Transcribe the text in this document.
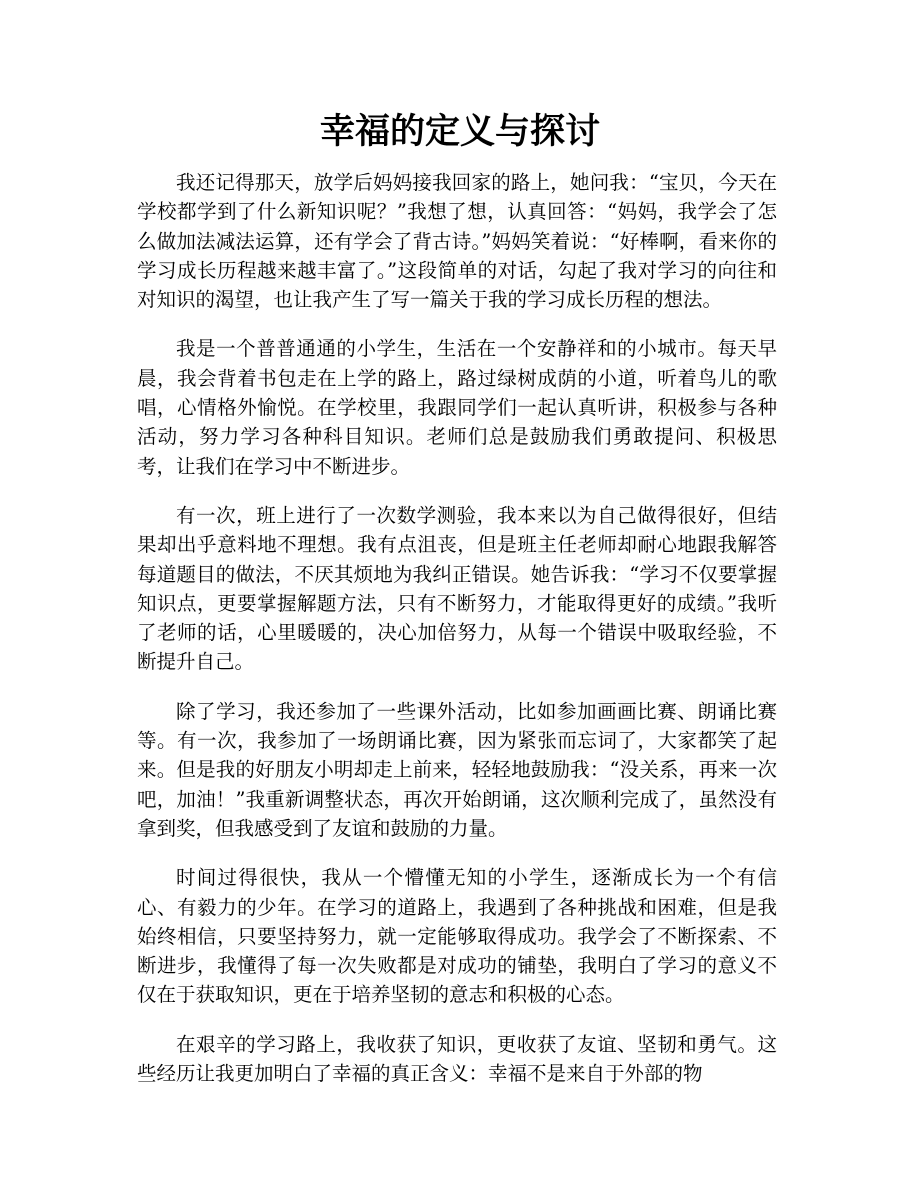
幸福的定义与探讨

我还记得那天，放学后妈妈接我回家的路上，她问我：“宝贝，今天在学校都学到了什么新知识呢？”我想了想，认真回答：“妈妈，我学会了怎么做加法减法运算，还有学会了背古诗。”妈妈笑着说：“好棒啊，看来你的学习成长历程越来越丰富了。”这段简单的对话，勾起了我对学习的向往和对知识的渴望，也让我产生了写一篇关于我的学习成长历程的想法。

我是一个普普通通的小学生，生活在一个安静祥和的小城市。每天早晨，我会背着书包走在上学的路上，路过绿树成荫的小道，听着鸟儿的歌唱，心情格外愉悦。在学校里，我跟同学们一起认真听讲，积极参与各种活动，努力学习各种科目知识。老师们总是鼓励我们勇敢提问、积极思考，让我们在学习中不断进步。

有一次，班上进行了一次数学测验，我本来以为自己做得很好，但结果却出乎意料地不理想。我有点沮丧，但是班主任老师却耐心地跟我解答每道题目的做法，不厌其烦地为我纠正错误。她告诉我：“学习不仅要掌握知识点，更要掌握解题方法，只有不断努力，才能取得更好的成绩。”我听了老师的话，心里暖暖的，决心加倍努力，从每一个错误中吸取经验，不断提升自己。

除了学习，我还参加了一些课外活动，比如参加画画比赛、朗诵比赛等。有一次，我参加了一场朗诵比赛，因为紧张而忘词了，大家都笑了起来。但是我的好朋友小明却走上前来，轻轻地鼓励我：“没关系，再来一次吧，加油！”我重新调整状态，再次开始朗诵，这次顺利完成了，虽然没有拿到奖，但我感受到了友谊和鼓励的力量。

时间过得很快，我从一个懵懂无知的小学生，逐渐成长为一个有信心、有毅力的少年。在学习的道路上，我遇到了各种挑战和困难，但是我始终相信，只要坚持努力，就一定能够取得成功。我学会了不断探索、不断进步，我懂得了每一次失败都是对成功的铺垫，我明白了学习的意义不仅在于获取知识，更在于培养坚韧的意志和积极的心态。

在艰辛的学习路上，我收获了知识，更收获了友谊、坚韧和勇气。这些经历让我更加明白了幸福的真正含义：幸福不是来自于外部的物
